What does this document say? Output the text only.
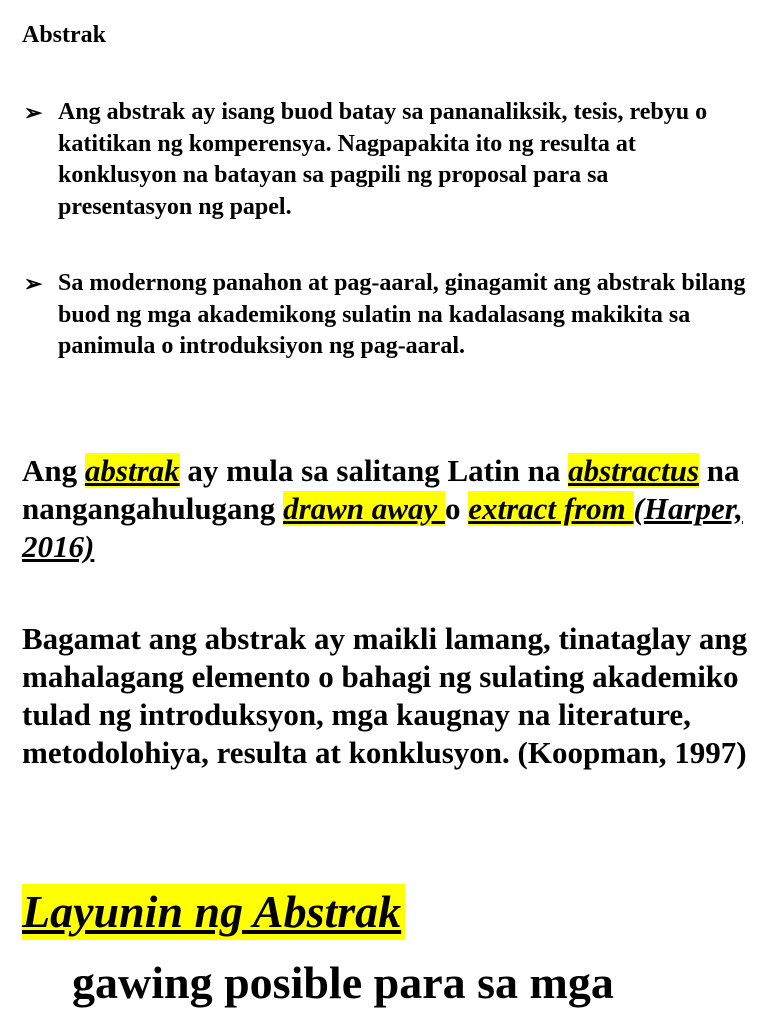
Abstrak
➢ Ang abstrak ay isang buod batay sa pananaliksik, tesis, rebyu o katitikan ng komperensya. Nagpapakita ito ng resulta at konklusyon na batayan sa pagpili ng proposal para sa presentasyon ng papel.
➢ Sa modernong panahon at pag-aaral, ginagamit ang abstrak bilang buod ng mga akademikong sulatin na kadalasang makikita sa panimula o introduksiyon ng pag-aaral.
Ang abstrak ay mula sa salitang Latin na abstractus na nangangahulugang drawn away o extract from (Harper, 2016)
Bagamat ang abstrak ay maikli lamang, tinataglay ang mahalagang elemento o bahagi ng sulating akademiko tulad ng introduksyon, mga kaugnay na literature, metodolohiya, resulta at konklusyon. (Koopman, 1997)
Layunin ng Abstrak
gawing posible para sa mga
